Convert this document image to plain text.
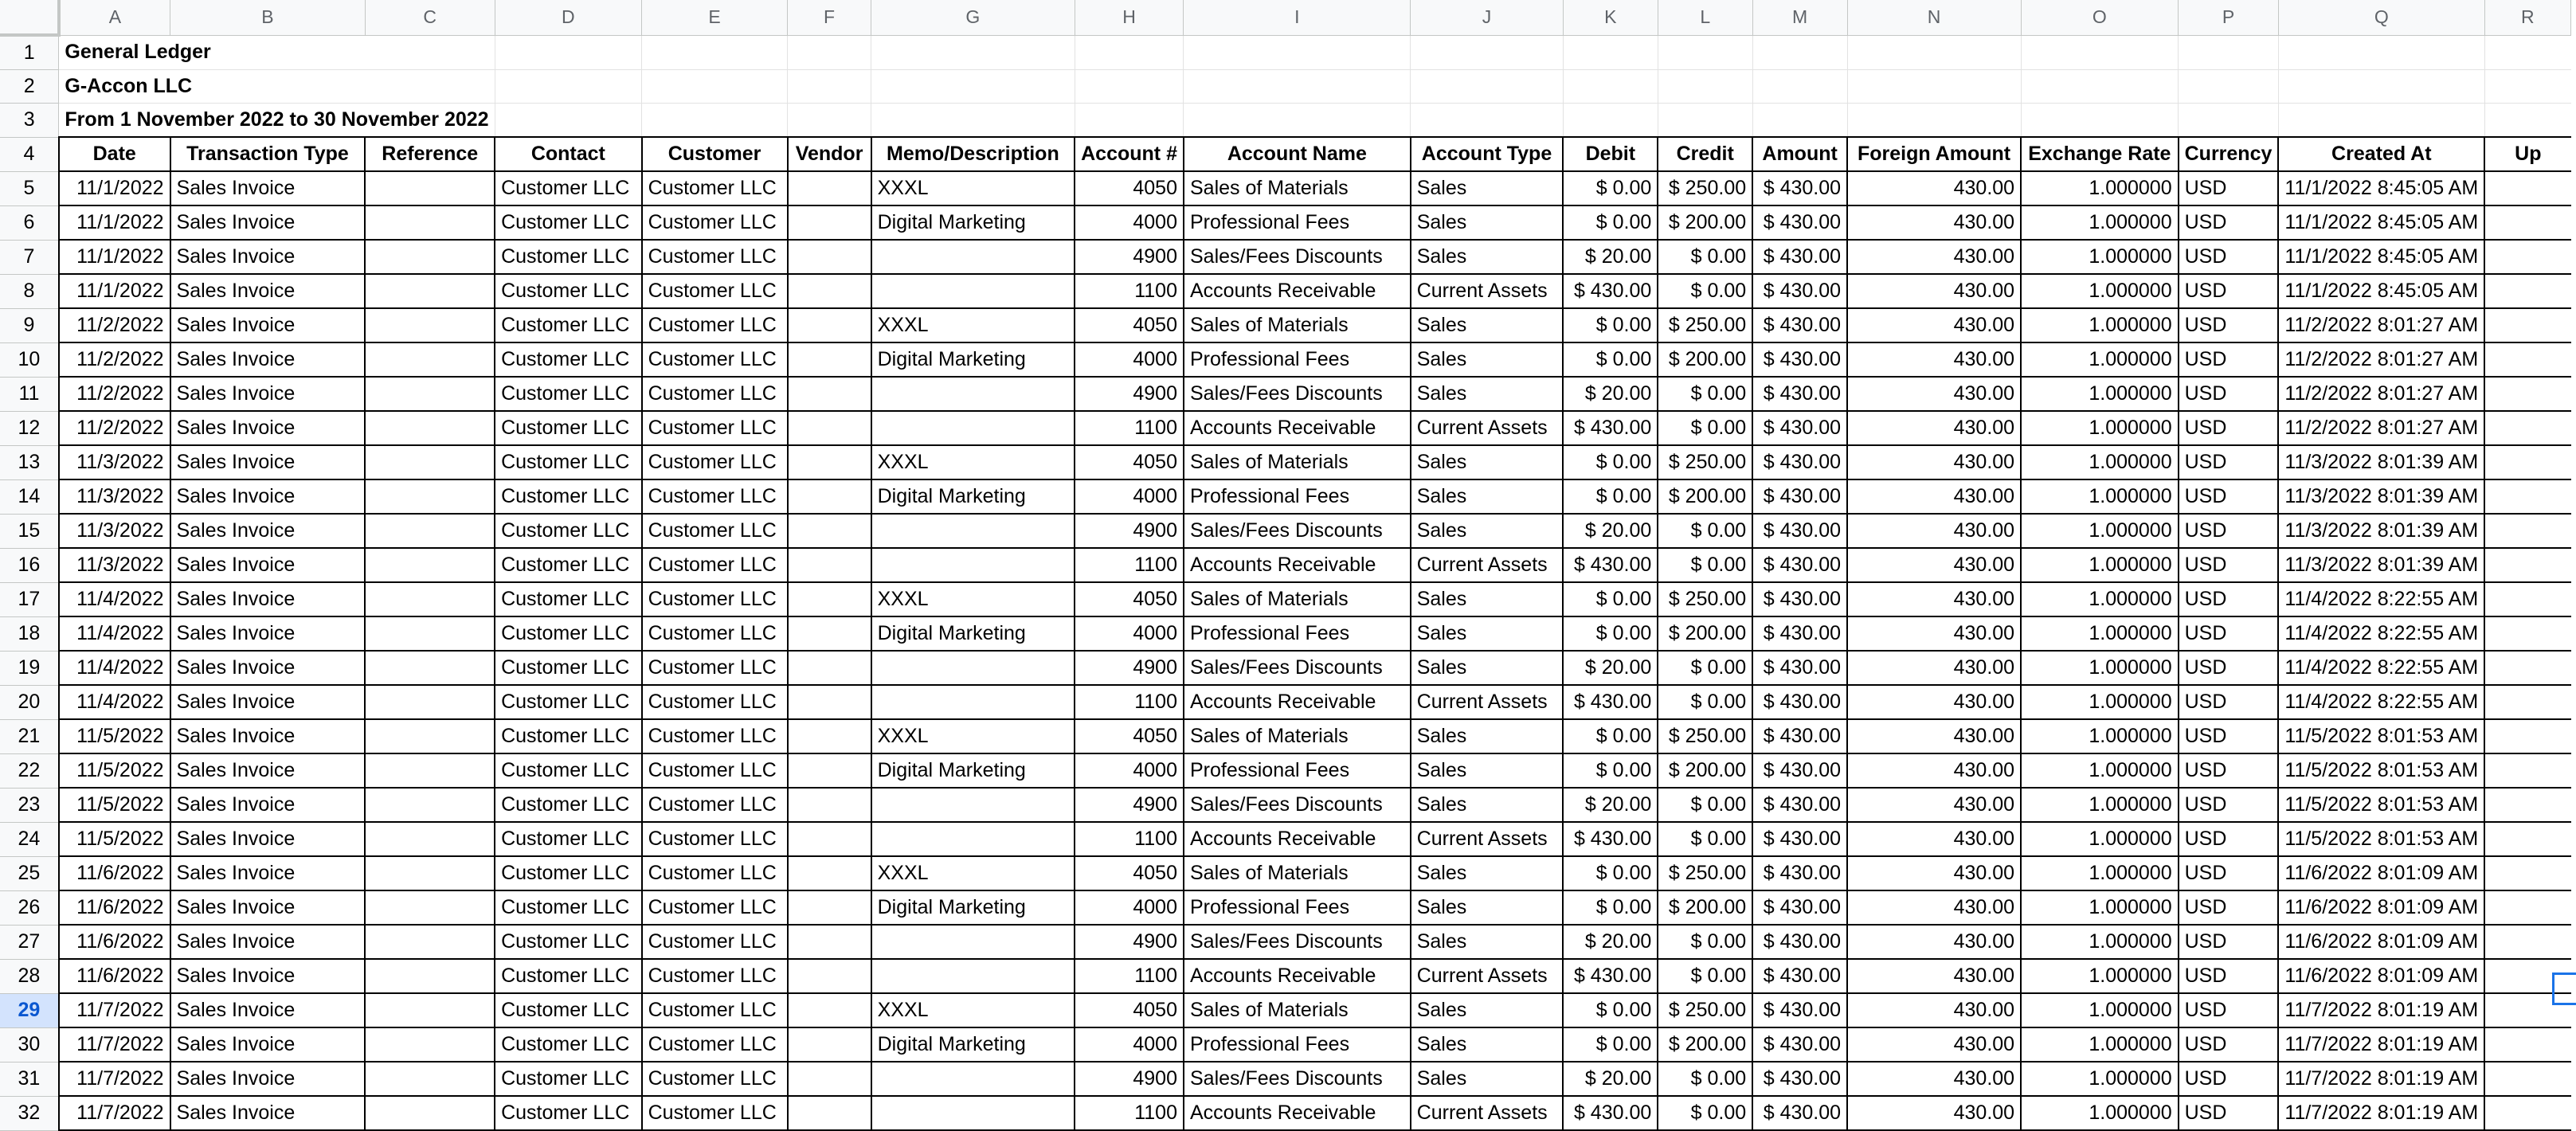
	A	B	C	D	E	F	G	H	I	J	K	L	M	N	O	P	Q	R
1	General Ledger																	
2	G-Accon LLC																	
3	From 1 November 2022 to 30 November 2022																	
4	Date	Transaction Type	Reference	Contact	Customer	Vendor	Memo/Description	Account #	Account Name	Account Type	Debit	Credit	Amount	Foreign Amount	Exchange Rate	Currency	Created At	Up
5	11/1/2022	Sales Invoice		Customer LLC	Customer LLC		XXXL	4050	Sales of Materials	Sales	$ 0.00	$ 250.00	$ 430.00	430.00	1.000000	USD	11/1/2022 8:45:05 AM	
6	11/1/2022	Sales Invoice		Customer LLC	Customer LLC		Digital Marketing	4000	Professional Fees	Sales	$ 0.00	$ 200.00	$ 430.00	430.00	1.000000	USD	11/1/2022 8:45:05 AM	
7	11/1/2022	Sales Invoice		Customer LLC	Customer LLC			4900	Sales/Fees Discounts	Sales	$ 20.00	$ 0.00	$ 430.00	430.00	1.000000	USD	11/1/2022 8:45:05 AM	
8	11/1/2022	Sales Invoice		Customer LLC	Customer LLC			1100	Accounts Receivable	Current Assets	$ 430.00	$ 0.00	$ 430.00	430.00	1.000000	USD	11/1/2022 8:45:05 AM	
9	11/2/2022	Sales Invoice		Customer LLC	Customer LLC		XXXL	4050	Sales of Materials	Sales	$ 0.00	$ 250.00	$ 430.00	430.00	1.000000	USD	11/2/2022 8:01:27 AM	
10	11/2/2022	Sales Invoice		Customer LLC	Customer LLC		Digital Marketing	4000	Professional Fees	Sales	$ 0.00	$ 200.00	$ 430.00	430.00	1.000000	USD	11/2/2022 8:01:27 AM	
11	11/2/2022	Sales Invoice		Customer LLC	Customer LLC			4900	Sales/Fees Discounts	Sales	$ 20.00	$ 0.00	$ 430.00	430.00	1.000000	USD	11/2/2022 8:01:27 AM	
12	11/2/2022	Sales Invoice		Customer LLC	Customer LLC			1100	Accounts Receivable	Current Assets	$ 430.00	$ 0.00	$ 430.00	430.00	1.000000	USD	11/2/2022 8:01:27 AM	
13	11/3/2022	Sales Invoice		Customer LLC	Customer LLC		XXXL	4050	Sales of Materials	Sales	$ 0.00	$ 250.00	$ 430.00	430.00	1.000000	USD	11/3/2022 8:01:39 AM	
14	11/3/2022	Sales Invoice		Customer LLC	Customer LLC		Digital Marketing	4000	Professional Fees	Sales	$ 0.00	$ 200.00	$ 430.00	430.00	1.000000	USD	11/3/2022 8:01:39 AM	
15	11/3/2022	Sales Invoice		Customer LLC	Customer LLC			4900	Sales/Fees Discounts	Sales	$ 20.00	$ 0.00	$ 430.00	430.00	1.000000	USD	11/3/2022 8:01:39 AM	
16	11/3/2022	Sales Invoice		Customer LLC	Customer LLC			1100	Accounts Receivable	Current Assets	$ 430.00	$ 0.00	$ 430.00	430.00	1.000000	USD	11/3/2022 8:01:39 AM	
17	11/4/2022	Sales Invoice		Customer LLC	Customer LLC		XXXL	4050	Sales of Materials	Sales	$ 0.00	$ 250.00	$ 430.00	430.00	1.000000	USD	11/4/2022 8:22:55 AM	
18	11/4/2022	Sales Invoice		Customer LLC	Customer LLC		Digital Marketing	4000	Professional Fees	Sales	$ 0.00	$ 200.00	$ 430.00	430.00	1.000000	USD	11/4/2022 8:22:55 AM	
19	11/4/2022	Sales Invoice		Customer LLC	Customer LLC			4900	Sales/Fees Discounts	Sales	$ 20.00	$ 0.00	$ 430.00	430.00	1.000000	USD	11/4/2022 8:22:55 AM	
20	11/4/2022	Sales Invoice		Customer LLC	Customer LLC			1100	Accounts Receivable	Current Assets	$ 430.00	$ 0.00	$ 430.00	430.00	1.000000	USD	11/4/2022 8:22:55 AM	
21	11/5/2022	Sales Invoice		Customer LLC	Customer LLC		XXXL	4050	Sales of Materials	Sales	$ 0.00	$ 250.00	$ 430.00	430.00	1.000000	USD	11/5/2022 8:01:53 AM	
22	11/5/2022	Sales Invoice		Customer LLC	Customer LLC		Digital Marketing	4000	Professional Fees	Sales	$ 0.00	$ 200.00	$ 430.00	430.00	1.000000	USD	11/5/2022 8:01:53 AM	
23	11/5/2022	Sales Invoice		Customer LLC	Customer LLC			4900	Sales/Fees Discounts	Sales	$ 20.00	$ 0.00	$ 430.00	430.00	1.000000	USD	11/5/2022 8:01:53 AM	
24	11/5/2022	Sales Invoice		Customer LLC	Customer LLC			1100	Accounts Receivable	Current Assets	$ 430.00	$ 0.00	$ 430.00	430.00	1.000000	USD	11/5/2022 8:01:53 AM	
25	11/6/2022	Sales Invoice		Customer LLC	Customer LLC		XXXL	4050	Sales of Materials	Sales	$ 0.00	$ 250.00	$ 430.00	430.00	1.000000	USD	11/6/2022 8:01:09 AM	
26	11/6/2022	Sales Invoice		Customer LLC	Customer LLC		Digital Marketing	4000	Professional Fees	Sales	$ 0.00	$ 200.00	$ 430.00	430.00	1.000000	USD	11/6/2022 8:01:09 AM	
27	11/6/2022	Sales Invoice		Customer LLC	Customer LLC			4900	Sales/Fees Discounts	Sales	$ 20.00	$ 0.00	$ 430.00	430.00	1.000000	USD	11/6/2022 8:01:09 AM	
28	11/6/2022	Sales Invoice		Customer LLC	Customer LLC			1100	Accounts Receivable	Current Assets	$ 430.00	$ 0.00	$ 430.00	430.00	1.000000	USD	11/6/2022 8:01:09 AM	
29	11/7/2022	Sales Invoice		Customer LLC	Customer LLC		XXXL	4050	Sales of Materials	Sales	$ 0.00	$ 250.00	$ 430.00	430.00	1.000000	USD	11/7/2022 8:01:19 AM	
30	11/7/2022	Sales Invoice		Customer LLC	Customer LLC		Digital Marketing	4000	Professional Fees	Sales	$ 0.00	$ 200.00	$ 430.00	430.00	1.000000	USD	11/7/2022 8:01:19 AM	
31	11/7/2022	Sales Invoice		Customer LLC	Customer LLC			4900	Sales/Fees Discounts	Sales	$ 20.00	$ 0.00	$ 430.00	430.00	1.000000	USD	11/7/2022 8:01:19 AM	
32	11/7/2022	Sales Invoice		Customer LLC	Customer LLC			1100	Accounts Receivable	Current Assets	$ 430.00	$ 0.00	$ 430.00	430.00	1.000000	USD	11/7/2022 8:01:19 AM	
